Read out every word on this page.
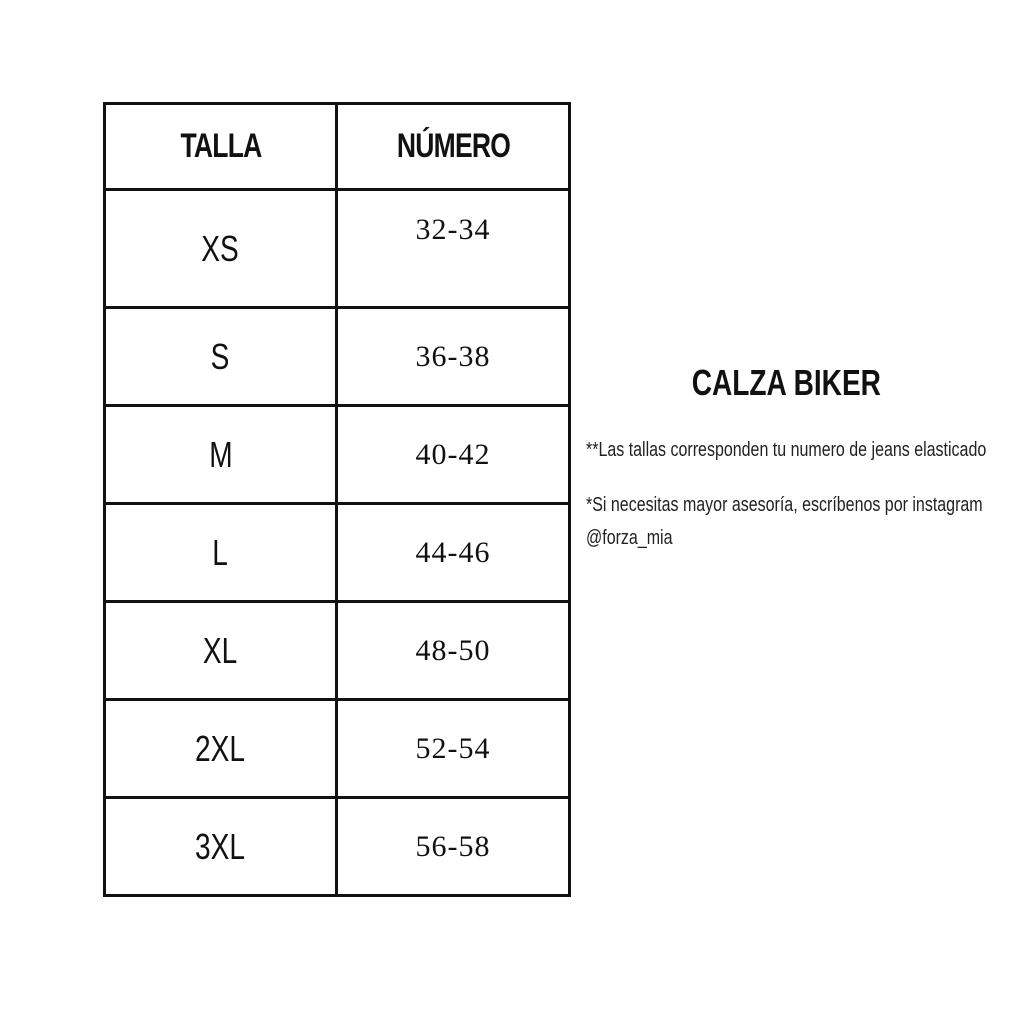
TALLA	NÚMERO
XS	32-34
S	36-38
M	40-42
L	44-46
XL	48-50
2XL	52-54
3XL	56-58
CALZA BIKER

**Las tallas corresponden tu numero de jeans elasticado

*Si necesitas mayor asesoría, escríbenos por instagram

@forza_mia
